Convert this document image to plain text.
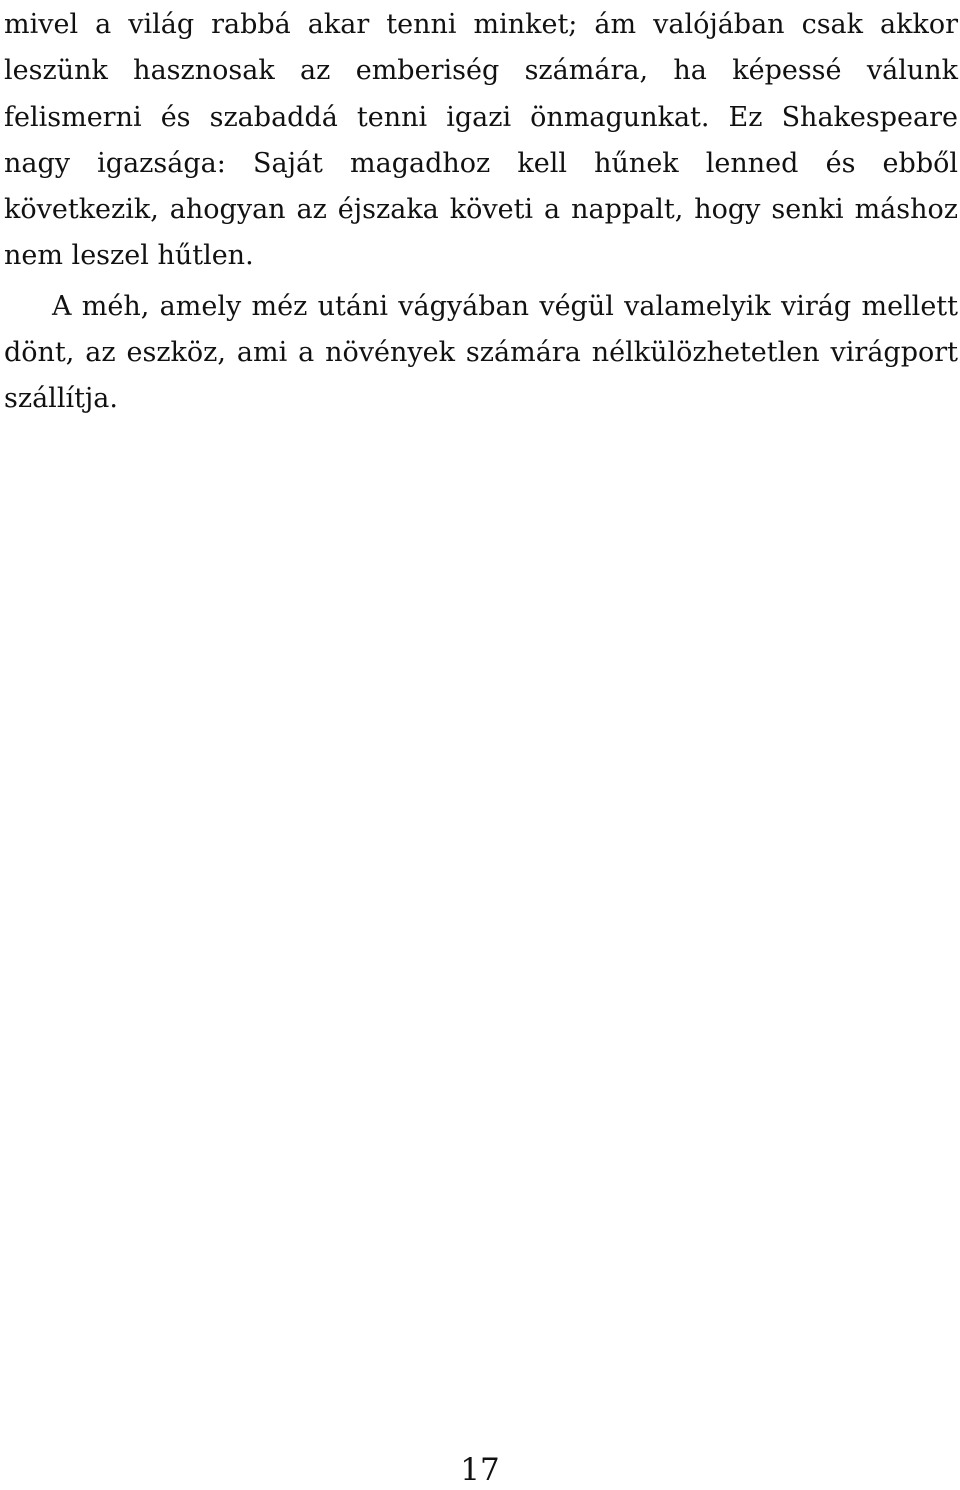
mivel a világ rabbá akar tenni minket; ám valójában csak akkor leszünk hasznosak az emberiség számára, ha képessé válunk felismerni és szabaddá tenni igazi önmagunkat. Ez Shakespeare nagy igazsága: Saját magadhoz kell hűnek lenned és ebből következik, ahogyan az éjszaka követi a nappalt, hogy senki máshoz nem leszel hűtlen.

A méh, amely méz utáni vágyában végül valamelyik virág mellett dönt, az eszköz, ami a növények számára nélkülözhetetlen virágport szállítja.

17
